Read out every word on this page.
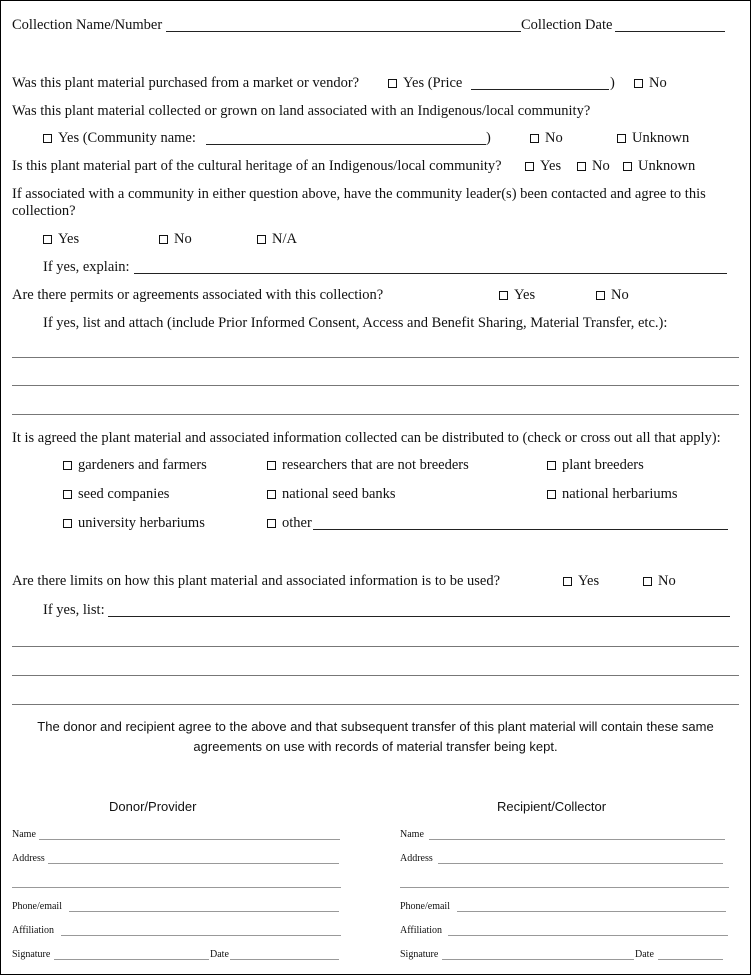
Collection Name/Number	Collection Date
Was this plant material purchased from a market or vendor?	Yes (Price	)	No
Was this plant material collected or grown on land associated with an Indigenous/local community?
Yes (Community name:	)	No	Unknown
Is this plant material part of the cultural heritage of an Indigenous/local community?	Yes	No	Unknown
If associated with a community in either question above, have the community leader(s) been contacted and agree to this
collection?
Yes	No	N/A
If yes, explain:
Are there permits or agreements associated with this collection?	Yes	No
If yes, list and attach (include Prior Informed Consent, Access and Benefit Sharing, Material Transfer, etc.):
It is agreed the plant material and associated information collected can be distributed to (check or cross out all that apply):
gardeners and farmers	researchers that are not breeders	plant breeders
seed companies	national seed banks	national herbariums
university herbariums	other
Are there limits on how this plant material and associated information is to be used?	Yes	No
If yes, list:
The donor and recipient agree to the above and that subsequent transfer of this plant material will contain these same
agreements on use with records of material transfer being kept.
Donor/Provider
Name
Address
Phone/email
Affiliation
Signature	Date
Recipient/Collector
Name
Address
Phone/email
Affiliation
Signature	Date
